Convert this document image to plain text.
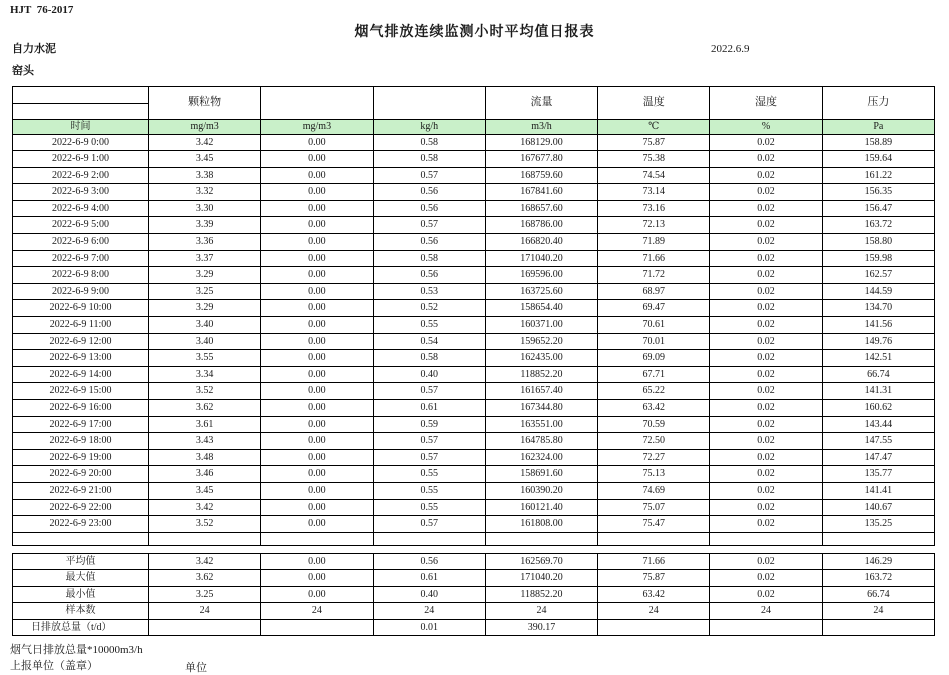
HJT  76-2017
烟气排放连续监测小时平均值日报表
自力水泥
窑头
2022.6.9
	颗粒物			流量	温度	湿度	压力

时间	mg/m3	mg/m3	kg/h	m3/h	℃	%	Pa
2022-6-9 0:00	3.42	0.00	0.58	168129.00	75.87	0.02	158.89
2022-6-9 1:00	3.45	0.00	0.58	167677.80	75.38	0.02	159.64
2022-6-9 2:00	3.38	0.00	0.57	168759.60	74.54	0.02	161.22
2022-6-9 3:00	3.32	0.00	0.56	167841.60	73.14	0.02	156.35
2022-6-9 4:00	3.30	0.00	0.56	168657.60	73.16	0.02	156.47
2022-6-9 5:00	3.39	0.00	0.57	168786.00	72.13	0.02	163.72
2022-6-9 6:00	3.36	0.00	0.56	166820.40	71.89	0.02	158.80
2022-6-9 7:00	3.37	0.00	0.58	171040.20	71.66	0.02	159.98
2022-6-9 8:00	3.29	0.00	0.56	169596.00	71.72	0.02	162.57
2022-6-9 9:00	3.25	0.00	0.53	163725.60	68.97	0.02	144.59
2022-6-9 10:00	3.29	0.00	0.52	158654.40	69.47	0.02	134.70
2022-6-9 11:00	3.40	0.00	0.55	160371.00	70.61	0.02	141.56
2022-6-9 12:00	3.40	0.00	0.54	159652.20	70.01	0.02	149.76
2022-6-9 13:00	3.55	0.00	0.58	162435.00	69.09	0.02	142.51
2022-6-9 14:00	3.34	0.00	0.40	118852.20	67.71	0.02	66.74
2022-6-9 15:00	3.52	0.00	0.57	161657.40	65.22	0.02	141.31
2022-6-9 16:00	3.62	0.00	0.61	167344.80	63.42	0.02	160.62
2022-6-9 17:00	3.61	0.00	0.59	163551.00	70.59	0.02	143.44
2022-6-9 18:00	3.43	0.00	0.57	164785.80	72.50	0.02	147.55
2022-6-9 19:00	3.48	0.00	0.57	162324.00	72.27	0.02	147.47
2022-6-9 20:00	3.46	0.00	0.55	158691.60	75.13	0.02	135.77
2022-6-9 21:00	3.45	0.00	0.55	160390.20	74.69	0.02	141.41
2022-6-9 22:00	3.42	0.00	0.55	160121.40	75.07	0.02	140.67
2022-6-9 23:00	3.52	0.00	0.57	161808.00	75.47	0.02	135.25

平均值	3.42	0.00	0.56	162569.70	71.66	0.02	146.29
最大值	3.62	0.00	0.61	171040.20	75.87	0.02	163.72
最小值	3.25	0.00	0.40	118852.20	63.42	0.02	66.74
样本数	24	24	24	24	24	24	24
日排放总量（t/d）			0.01	390.17			
烟气日排放总量*10000m3/h
上报单位（盖章）	单位
